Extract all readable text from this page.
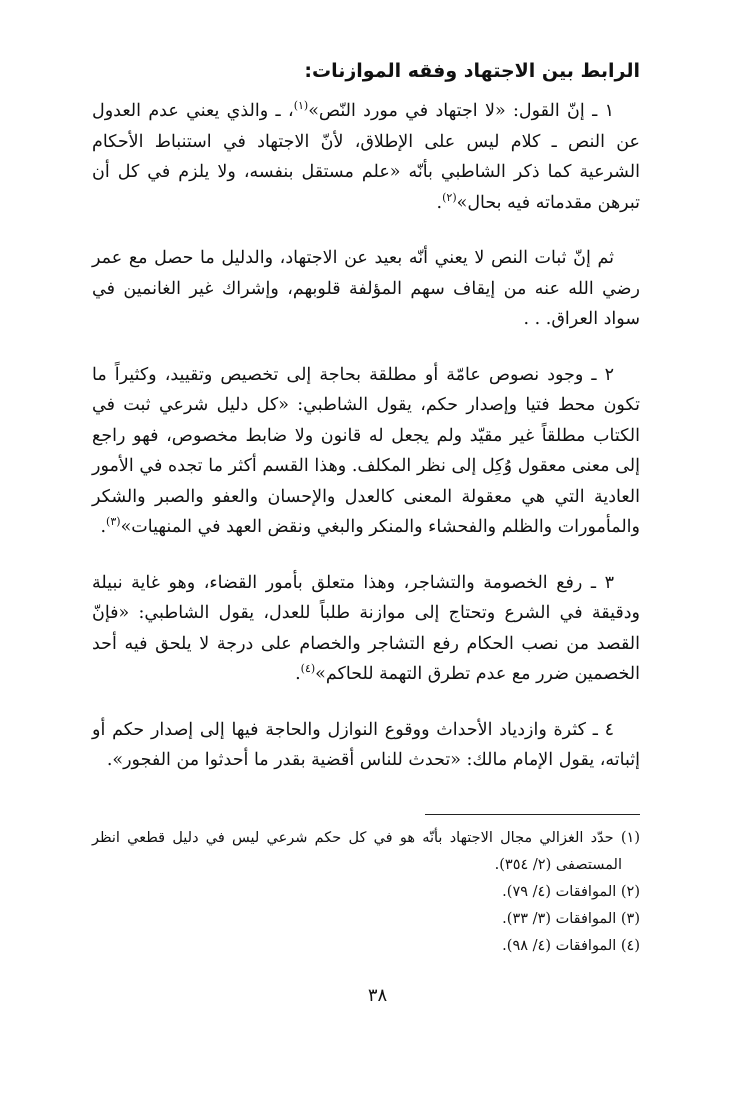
الرابط بين الاجتهاد وفقه الموازنات:

١ ـ إنّ القول: «لا اجتهاد في مورد النّص»$^{(١)}$، ـ والذي يعني عدم العدول عن النص ـ كلام ليس على الإطلاق، لأنّ الاجتهاد في استنباط الأحكام الشرعية كما ذكر الشاطبي بأنّه «علم مستقل بنفسه، ولا يلزم في كل أن تبرهن مقدماته فيه بحال»$^{(٢)}$.

ثم إنّ ثبات النص لا يعني أنّه بعيد عن الاجتهاد، والدليل ما حصل مع عمر رضي الله عنه من إيقاف سهم المؤلفة قلوبهم، وإشراك غير الغانمين في سواد العراق. . .

٢ ـ وجود نصوص عامّة أو مطلقة بحاجة إلى تخصيص وتقييد، وكثيراً ما تكون محط فتيا وإصدار حكم، يقول الشاطبي: «كل دليل شرعي ثبت في الكتاب مطلقاً غير مقيّد ولم يجعل له قانون ولا ضابط مخصوص، فهو راجع إلى معنى معقول وُكِل إلى نظر المكلف. وهذا القسم أكثر ما تجده في الأمور العادية التي هي معقولة المعنى كالعدل والإحسان والعفو والصبر والشكر والمأمورات والظلم والفحشاء والمنكر والبغي ونقض العهد في المنهيات»$^{(٣)}$.

٣ ـ رفع الخصومة والتشاجر، وهذا متعلق بأمور القضاء، وهو غاية نبيلة ودقيقة في الشرع وتحتاج إلى موازنة طلباً للعدل، يقول الشاطبي: «فإنّ القصد من نصب الحكام رفع التشاجر والخصام على درجة لا يلحق فيه أحد الخصمين ضرر مع عدم تطرق التهمة للحاكم»$^{(٤)}$.

٤ ـ كثرة وازدياد الأحداث ووقوع النوازل والحاجة فيها إلى إصدار حكم أو إثباته، يقول الإمام مالك: «تحدث للناس أقضية بقدر ما أحدثوا من الفجور».

(١) حدّد الغزالي مجال الاجتهاد بأنّه هو في كل حكم شرعي ليس في دليل قطعي انظر المستصفى (٢/ ٣٥٤).

(٢) الموافقات (٤/ ٧٩).

(٣) الموافقات (٣/ ٣٣).

(٤) الموافقات (٤/ ٩٨).

٣٨
